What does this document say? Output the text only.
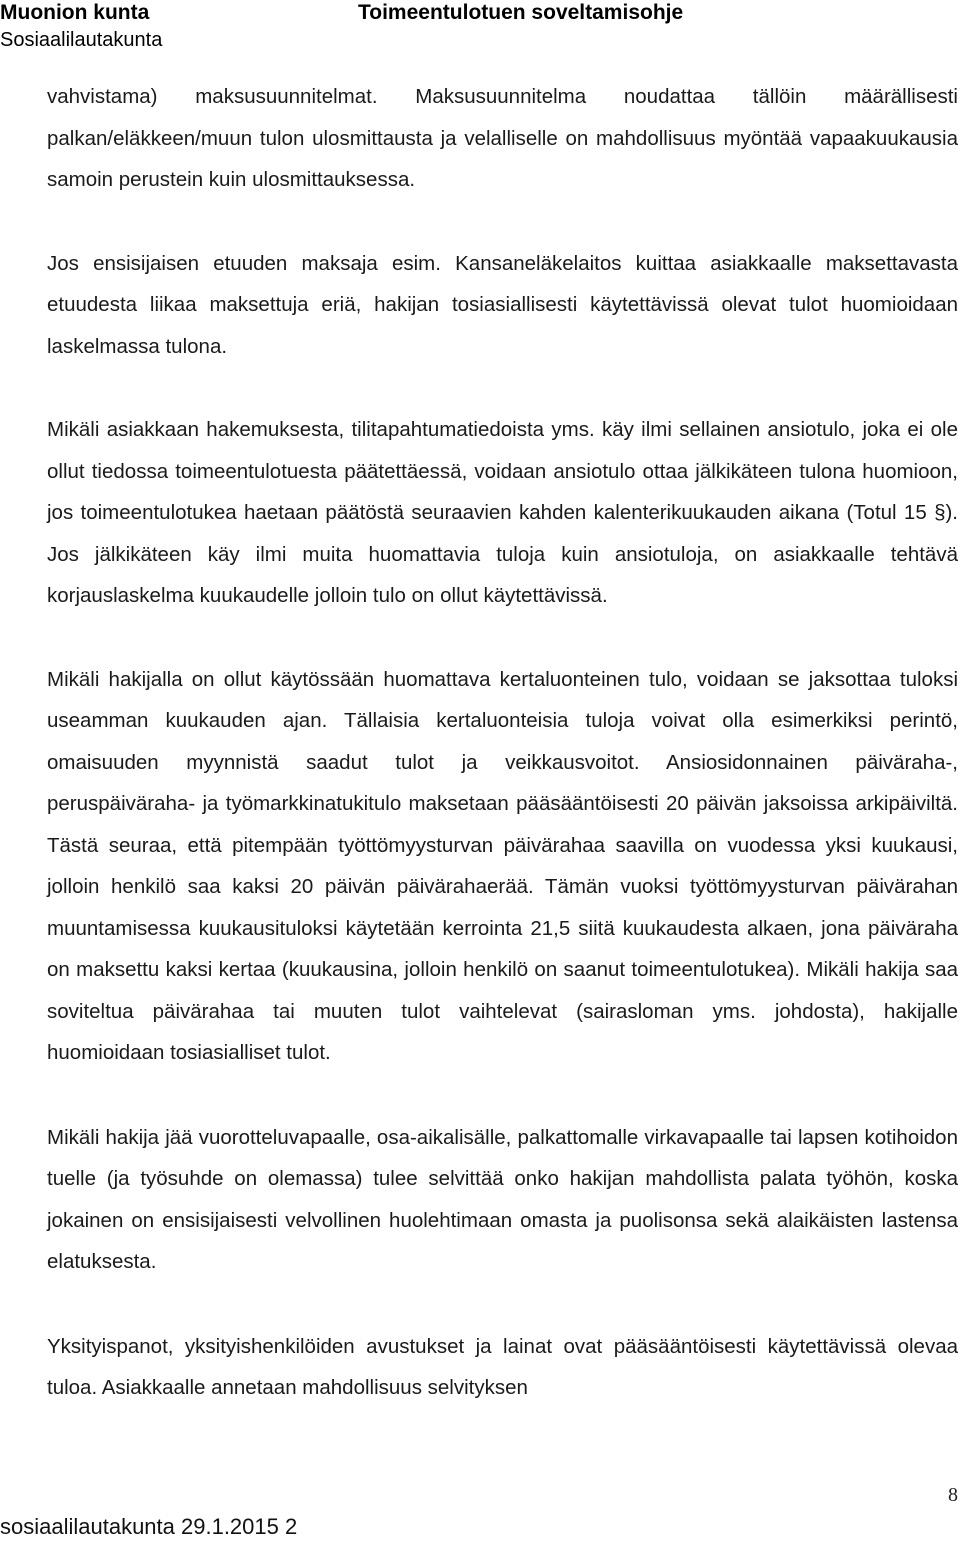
Muonion kunta
Sosiaalilautakunta
Toimeentulotuen soveltamisohje

vahvistama) maksusuunnitelmat. Maksusuunnitelma noudattaa tällöin määrällisesti palkan/eläkkeen/muun tulon ulosmittausta ja velalliselle on mahdollisuus myöntää vapaakuukausia samoin perustein kuin ulosmittauksessa.

Jos ensisijaisen etuuden maksaja esim. Kansaneläkelaitos kuittaa asiakkaalle maksettavasta etuudesta liikaa maksettuja eriä, hakijan tosiasiallisesti käytettävissä olevat tulot huomioidaan laskelmassa tulona.

Mikäli asiakkaan hakemuksesta, tilitapahtumatiedoista yms. käy ilmi sellainen ansiotulo, joka ei ole ollut tiedossa toimeentulotuesta päätettäessä, voidaan ansiotulo ottaa jälkikäteen tulona huomioon, jos toimeentulotukea haetaan päätöstä seuraavien kahden kalenterikuukauden aikana (Totul 15 §). Jos jälkikäteen käy ilmi muita huomattavia tuloja kuin ansiotuloja, on asiakkaalle tehtävä korjauslaskelma kuukaudelle jolloin tulo on ollut käytettävissä.

Mikäli hakijalla on ollut käytössään huomattava kertaluonteinen tulo, voidaan se jaksottaa tuloksi useamman kuukauden ajan. Tällaisia kertaluonteisia tuloja voivat olla esimerkiksi perintö, omaisuuden myynnistä saadut tulot ja veikkausvoitot. Ansiosidonnainen päiväraha-, peruspäiväraha- ja työmarkkinatukitulo maksetaan pääsääntöisesti 20 päivän jaksoissa arkipäiviltä. Tästä seuraa, että pitempään työttömyysturvan päivärahaa saavilla on vuodessa yksi kuukausi, jolloin henkilö saa kaksi 20 päivän päivärahaerää. Tämän vuoksi työttömyysturvan päivärahan muuntamisessa kuukausituloksi käytetään kerrointa 21,5 siitä kuukaudesta alkaen, jona päiväraha on maksettu kaksi kertaa (kuukausina, jolloin henkilö on saanut toimeentulotukea). Mikäli hakija saa soviteltua päivärahaa tai muuten tulot vaihtelevat (sairasloman yms. johdosta), hakijalle huomioidaan tosiasialliset tulot.

Mikäli hakija jää vuorotteluvapaalle, osa-aikalisälle, palkattomalle virkavapaalle tai lapsen kotihoidon tuelle (ja työsuhde on olemassa) tulee selvittää onko hakijan mahdollista palata työhön, koska jokainen on ensisijaisesti velvollinen huolehtimaan omasta ja puolisonsa sekä alaikäisten lastensa elatuksesta.

Yksityispanot, yksityishenkilöiden avustukset ja lainat ovat pääsääntöisesti käytettävissä olevaa tuloa. Asiakkaalle annetaan mahdollisuus selvityksen

8
sosiaalilautakunta 29.1.2015 2
